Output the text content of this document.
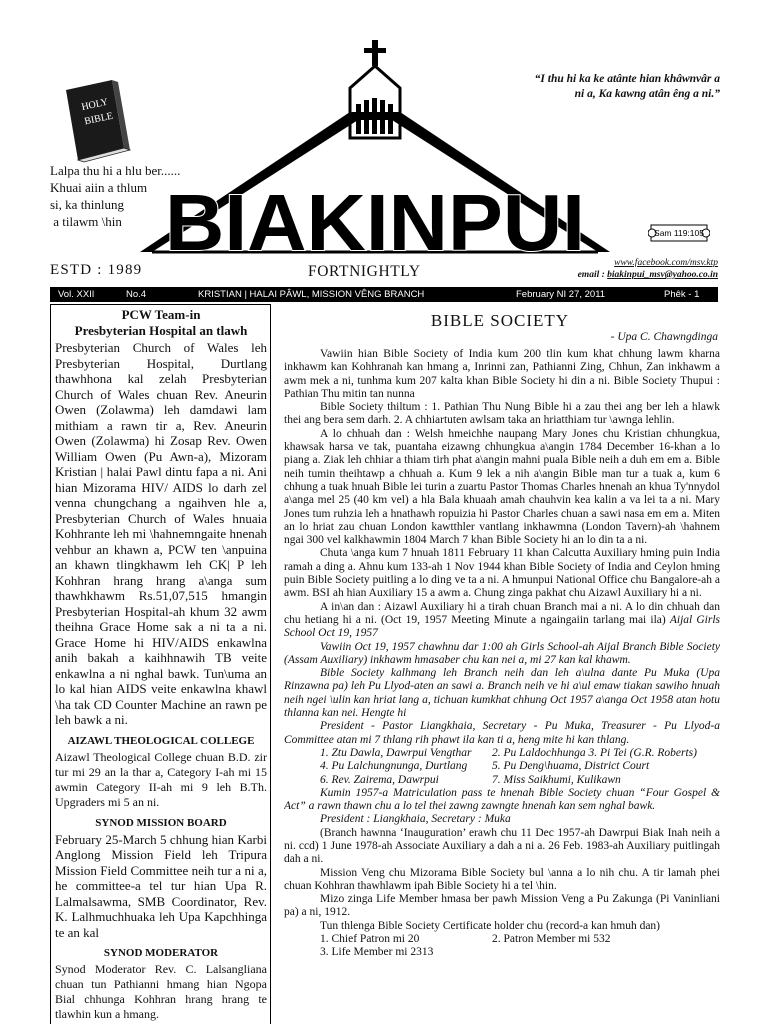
HOLY
BIBLE
BIAKINPUI	Sam 119:105
“I thu hi ka ke atânte hian khâwnvâr a
ni a, Ka kawng atân êng a ni.”
Lalpa thu hi a hlu ber......
Khuai aiin a thlum
si, ka thinlung
a tilawm \hin
ESTD : 1989	FORTNIGHTLY	www.facebook.com/msv.ktp
email : biakinpui_msv@yahoo.co.in
Vol. XXII	No.4	KRISTIAN | HALAI PÂWL, MISSION VÊNG BRANCH	February NI 27, 2011	Phêk - 1
PCW Team-in
Presbyterian Hospital an tlawh

Presbyterian Church of Wales leh Presbyterian Hospital, Durtlang thawhhona kal zelah Presbyterian Church of Wales chuan Rev. Aneurin Owen (Zolawma) leh damdawi lam mithiam a rawn tir a, Rev. Aneurin Owen (Zolawma) hi Zosap Rev. Owen William Owen (Pu Awn-a), Mizoram Kristian | halai Pawl dintu fapa a ni. Ani hian Mizorama HIV/ AIDS lo darh zel venna chungchang a ngaihven hle a, Presbyterian Church of Wales hnuaia Kohhrante leh mi \hahnemngaite hnenah vehbur an khawn a, PCW ten \anpuina an khawn tlingkhawm leh CK| P leh Kohhran hrang hrang a\anga sum thawhkhawm Rs.51,07,515 hmangin Presbyterian Hospital-ah khum 32 awm theihna Grace Home sak a ni ta a ni. Grace Home hi HIV/AIDS enkawlna anih bakah a kaihhnawih TB veite enkawlna a ni nghal bawk. Tun\uma an lo kal hian AIDS veite enkawlna khawl \ha tak CD Counter Machine an rawn pe leh bawk a ni.

AIZAWL THEOLOGICAL COLLEGE

Aizawl Theological College chuan B.D. zir tur mi 29 an la thar a, Category I-ah mi 15 awmin Category II-ah mi 9 leh B.Th. Upgraders mi 5 an ni.

SYNOD MISSION BOARD

February 25-March 5 chhung hian Karbi Anglong Mission Field leh Tripura Mission Field Committee neih tur a ni a, he committee-a tel tur hian Upa R. Lalmalsawma, SMB Coordinator, Rev. K. Lalhmuchhuaka leh Upa Kapchhinga te an kal

SYNOD MODERATOR

Synod Moderator Rev. C. Lalsangliana chuan tun Pathianni hmang hian Ngopa Bial chhunga Kohhran hrang hrang te tlawhin kun a hmang.

BIBLE SOCIETY
- Upa C. Chawngdinga

Vawiin hian Bible Society of India kum 200 tlin kum khat chhung lawm kharna inkhawm kan Kohhranah kan hmang a, Inrinni zan, Pathianni Zing, Chhun, Zan inkhawm a awm mek a ni, tunhma kum 207 kalta khan Bible Society hi din a ni. Bible Society Thupui : Pathian Thu mitin tan nunna

Bible Society thiltum : 1. Pathian Thu Nung Bible hi a zau thei ang ber leh a hlawk thei ang bera sem darh. 2. A chhiartuten awlsam taka an hriatthiam tur \awnga lehlin.

A lo chhuah dan : Welsh hmeichhe naupang Mary Jones chu Kristian chhungkua, khawsak harsa ve tak, puantaha eizawng chhungkua a\angin 1784 December 16-khan a lo piang a. Ziak leh chhiar a thiam tirh phat a\angin mahni puala Bible neih a duh em em a. Bible neih tumin theihtawp a chhuah a. Kum 9 lek a nih a\angin Bible man tur a tuak a, kum 6 chhung a tuak hnuah Bible lei turin a zuartu Pastor Thomas Charles hnenah an khua Ty'nnydol a\anga mel 25 (40 km vel) a hla Bala khuaah amah chauhvin kea kalin a va lei ta a ni. Mary Jones tum ruhzia leh a hnathawh ropuizia hi Pastor Charles chuan a sawi nasa em em a. Miten an lo hriat zau chuan London kawtthler vantlang inkhawmna (London Tavern)-ah \hahnem ngai 300 vel kalkhawmin 1804 March 7 khan Bible Society hi an lo din ta a ni.

Chuta \anga kum 7 hnuah 1811 February 11 khan Calcutta Auxiliary hming puin India ramah a ding a. Ahnu kum 133-ah 1 Nov 1944 khan Bible Society of India and Ceylon hming puin Bible Society puitling a lo ding ve ta a ni. A hmunpui National Office chu Bangalore-ah a awm. BSI ah hian Auxiliary 15 a awm a. Chung zinga pakhat chu Aizawl Auxiliary hi a ni.

A in\an dan : Aizawl Auxiliary hi a tirah chuan Branch mai a ni. A lo din chhuah dan chu hetiang hi a ni. (Oct 19, 1957 Meeting Minute a ngaingaiin tarlang mai ila) Aijal Girls School Oct 19, 1957

Vawiin Oct 19, 1957 chawhnu dar 1:00 ah Girls School-ah Aijal Branch Bible Society (Assam Auxiliary) inkhawm hmasaber chu kan nei a, mi 27 kan kal khawm.

Bible Society kalhmang leh Branch neih dan leh a\ulna dante Pu Muka (Upa Rinzawna pa) leh Pu Llyod-aten an sawi a. Branch neih ve hi a\ul emaw tiakan sawiho hnuah neih ngei \ulin kan hriat lang a, tichuan kumkhat chhung Oct 1957 a\anga Oct 1958 atan hotu thlanna kan nei. Hengte hi

President - Pastor Liangkhaia, Secretary - Pu Muka, Treasurer - Pu Llyod-a Committee atan mi 7 thlang rih phawt ila kan ti a, heng mite hi kan thlang.

1. Ztu Dawla, Dawrpui Vengthar	2. Pu Laldochhunga 3. Pi Tei (G.R. Roberts)
4. Pu Lalchungnunga, Durtlang	5. Pu Deng\huama, District Court
6. Rev. Zairema, Dawrpui	7. Miss Saikhumi, Kulikawn

Kumin 1957-a Matriculation pass te hnenah Bible Society chuan “Four Gospel & Act” a rawn thawn chu a lo tel thei zawng zawngte hnenah kan sem nghal bawk.

President : Liangkhaia, Secretary : Muka

(Branch hawnna ‘Inauguration’ erawh chu 11 Dec 1957-ah Dawrpui Biak Inah neih a ni. ccd) 1 June 1978-ah Associate Auxiliary a dah a ni a. 26 Feb. 1983-ah Auxiliary puitlingah dah a ni.

Mission Veng chu Mizorama Bible Society bul \anna a lo nih chu. A tir lamah phei chuan Kohhran thawhlawm ipah Bible Society hi a tel \hin.

Mizo zinga Life Member hmasa ber pawh Mission Veng a Pu Zakunga (Pi Vaninliani pa) a ni, 1912.

Tun thlenga Bible Society Certificate holder chu (record-a kan hmuh dan)

1. Chief Patron mi 20	2. Patron Member mi 532
3. Life Member mi 2313
